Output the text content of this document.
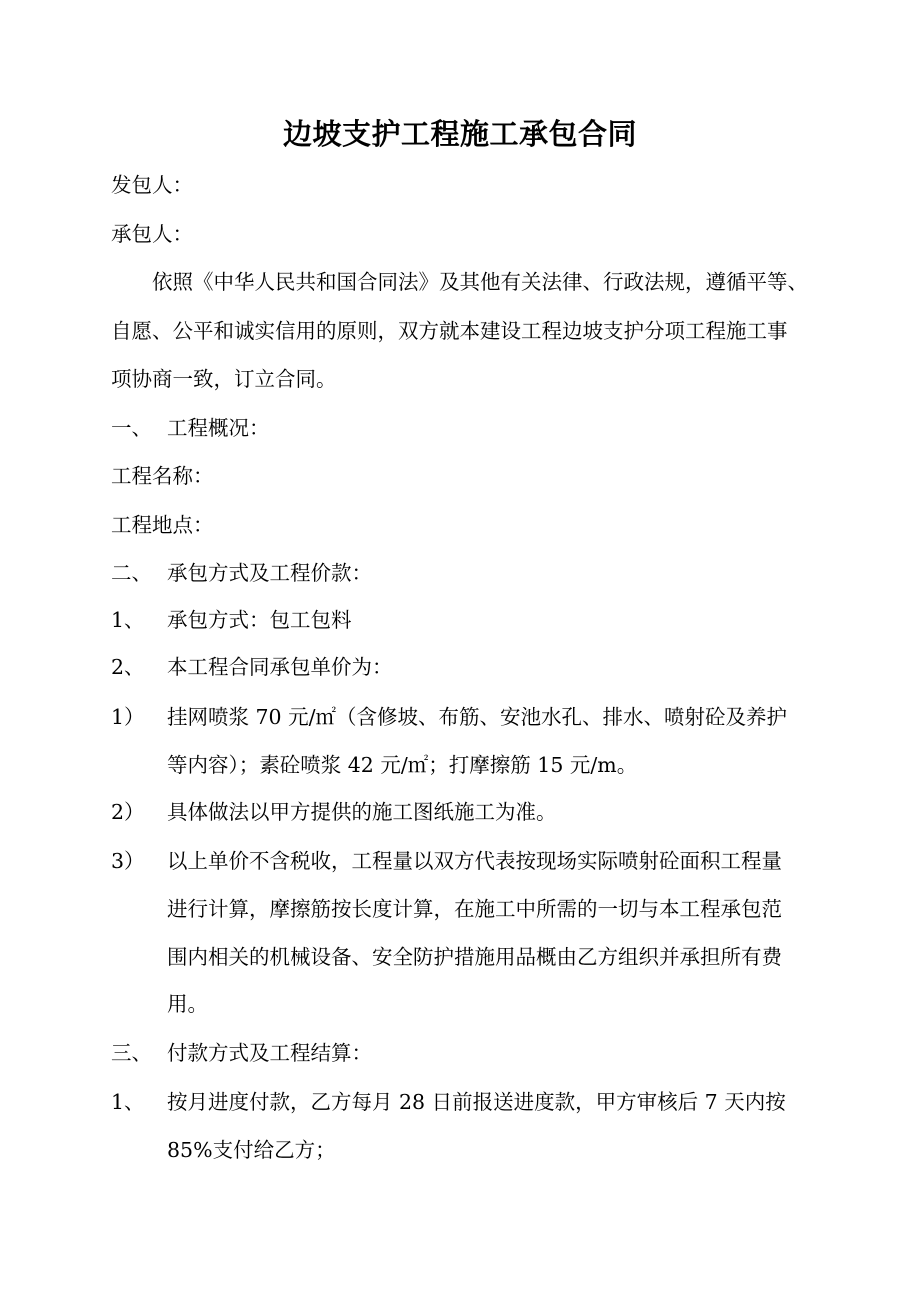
边坡支护工程施工承包合同
发包人：
承包人：
依照《中华人民共和国合同法》及其他有关法律、行政法规，遵循平等、
自愿、公平和诚实信用的原则，双方就本建设工程边坡支护分项工程施工事
项协商一致，订立合同。
一、 工程概况：
工程名称：
工程地点：
二、 承包方式及工程价款：
1、 承包方式：包工包料
2、 本工程合同承包单价为：
1） 挂网喷浆 70 元/㎡（含修坡、布筋、安池水孔、排水、喷射砼及养护
等内容）；素砼喷浆 42 元/㎡；打摩擦筋 15 元/m。
2） 具体做法以甲方提供的施工图纸施工为准。
3） 以上单价不含税收，工程量以双方代表按现场实际喷射砼面积工程量
进行计算，摩擦筋按长度计算，在施工中所需的一切与本工程承包范
围内相关的机械设备、安全防护措施用品概由乙方组织并承担所有费
用。
三、 付款方式及工程结算：
1、 按月进度付款，乙方每月 28 日前报送进度款，甲方审核后 7 天内按
85%支付给乙方；
